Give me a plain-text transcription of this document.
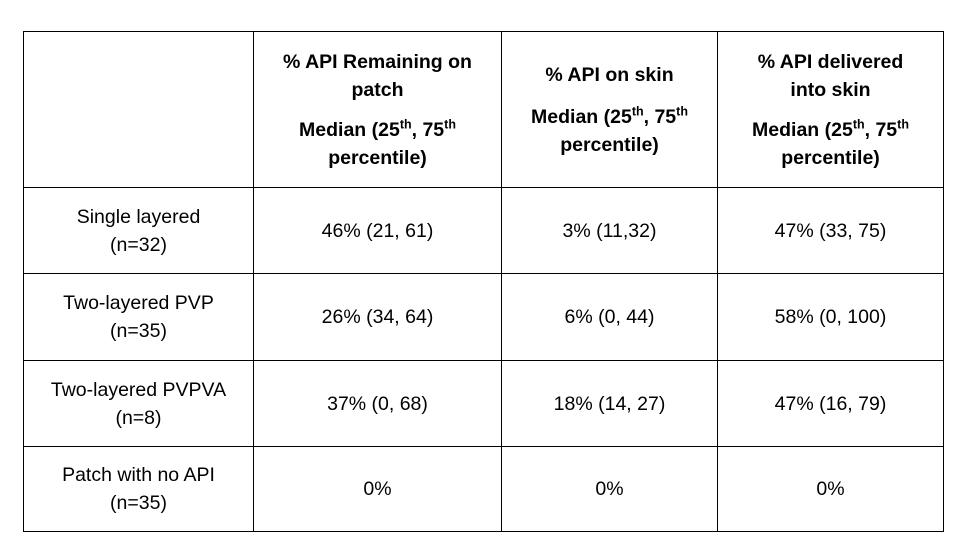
	% API Remaining on
patch
Median (25th, 75th
percentile)	% API on skin
Median (25th, 75th
percentile)	% API delivered
into skin
Median (25th, 75th
percentile)

Single layered
(n=32)	46% (21, 61)	3% (11,32)	47% (33, 75)

Two-layered PVP
(n=35)	26% (34, 64)	6% (0, 44)	58% (0, 100)

Two-layered PVPVA
(n=8)	37% (0, 68)	18% (14, 27)	47% (16, 79)

Patch with no API
(n=35)	0%	0%	0%
